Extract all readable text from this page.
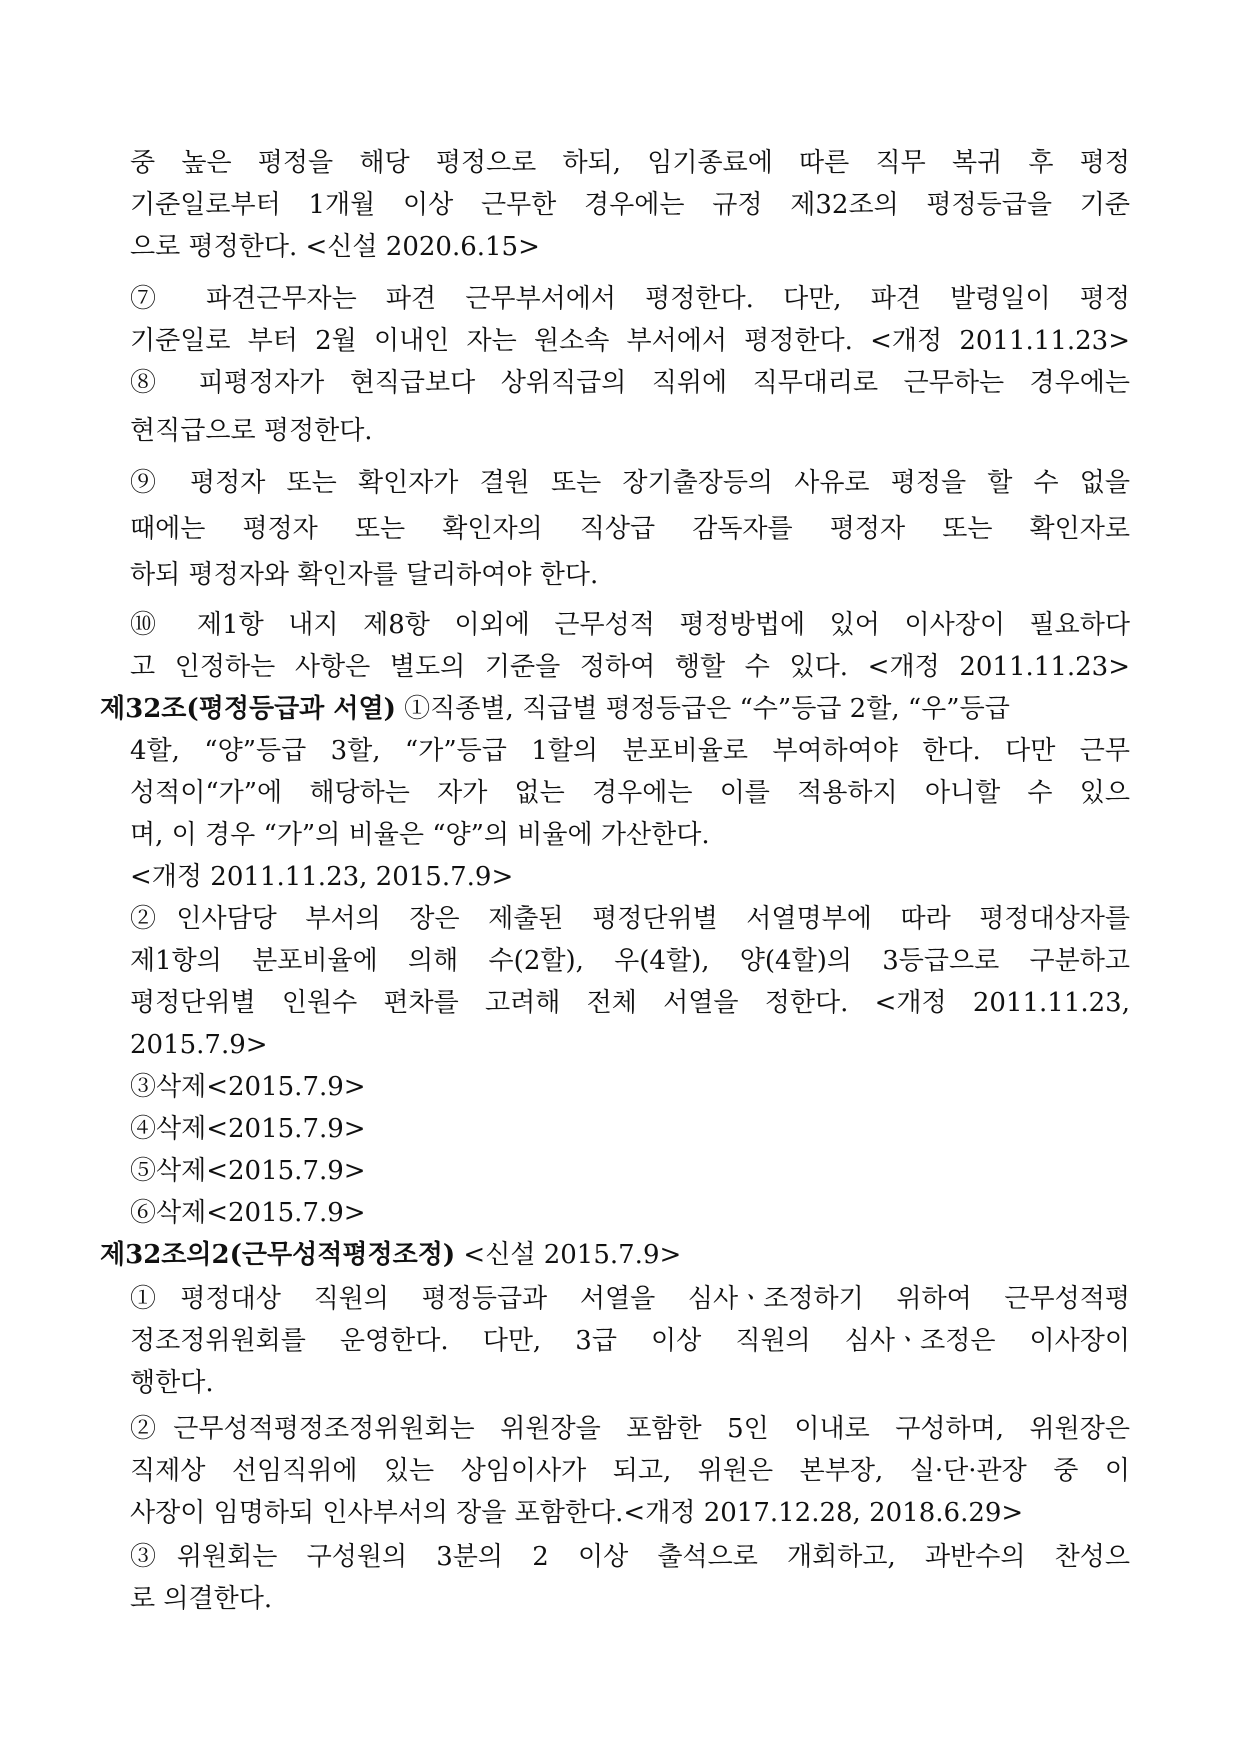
중 높은 평정을 해당 평정으로 하되, 임기종료에 따른 직무 복귀 후 평정
기준일로부터 1개월 이상 근무한 경우에는 규정 제32조의 평정등급을 기준
으로 평정한다. <신설 2020.6.15>
⑦ 파견근무자는 파견 근무부서에서 평정한다. 다만, 파견 발령일이 평정
기준일로 부터 2월 이내인 자는 원소속 부서에서 평정한다. <개정 2011.11.23>
⑧ 피평정자가 현직급보다 상위직급의 직위에 직무대리로 근무하는 경우에는
현직급으로 평정한다.
⑨ 평정자 또는 확인자가 결원 또는 장기출장등의 사유로 평정을 할 수 없을
때에는 평정자 또는 확인자의 직상급 감독자를 평정자 또는 확인자로
하되 평정자와 확인자를 달리하여야 한다.
⑩ 제1항 내지 제8항 이외에 근무성적 평정방법에 있어 이사장이 필요하다
고 인정하는 사항은 별도의 기준을 정하여 행할 수 있다. <개정 2011.11.23>
제32조(평정등급과 서열) ①직종별, 직급별 평정등급은 “수”등급 2할, “우”등급
4할, “양”등급 3할, “가”등급 1할의 분포비율로 부여하여야 한다. 다만 근무
성적이“가”에 해당하는 자가 없는 경우에는 이를 적용하지 아니할 수 있으
며, 이 경우 “가”의 비율은 “양”의 비율에 가산한다.
<개정 2011.11.23, 2015.7.9>
②인사담당 부서의 장은 제출된 평정단위별 서열명부에 따라 평정대상자를
제1항의 분포비율에 의해 수(2할), 우(4할), 양(4할)의 3등급으로 구분하고
평정단위별 인원수 편차를 고려해 전체 서열을 정한다. <개정 2011.11.23,
2015.7.9>
③삭제<2015.7.9>
④삭제<2015.7.9>
⑤삭제<2015.7.9>
⑥삭제<2015.7.9>
제32조의2(근무성적평정조정) <신설 2015.7.9>
①평정대상 직원의 평정등급과 서열을 심사ㆍ조정하기 위하여 근무성적평
정조정위원회를 운영한다. 다만, 3급 이상 직원의 심사ㆍ조정은 이사장이
행한다.
②근무성적평정조정위원회는 위원장을 포함한 5인 이내로 구성하며, 위원장은
직제상 선임직위에 있는 상임이사가 되고, 위원은 본부장, 실·단·관장 중 이
사장이 임명하되 인사부서의 장을 포함한다.<개정 2017.12.28, 2018.6.29>
③위원회는 구성원의 3분의 2 이상 출석으로 개회하고, 과반수의 찬성으
로 의결한다.
